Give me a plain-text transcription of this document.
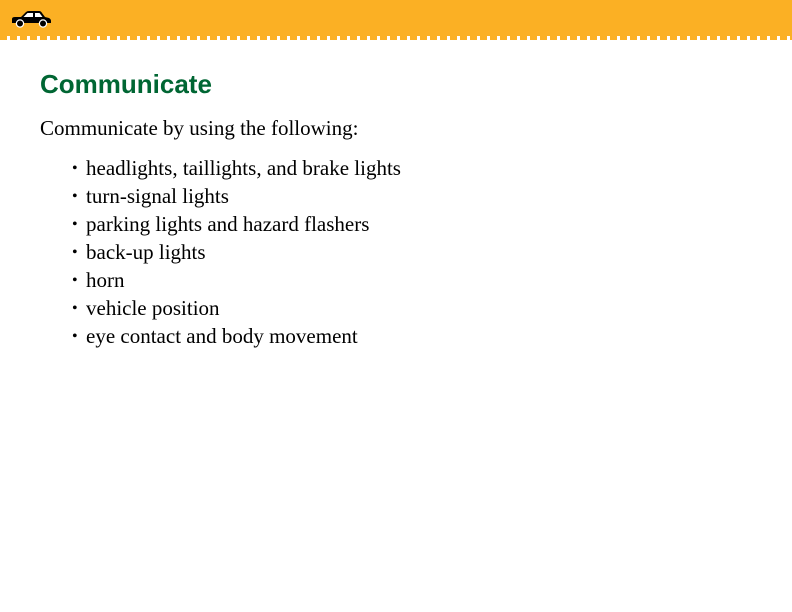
Communicate

Communicate by using the following:

• headlights, taillights, and brake lights
• turn-signal lights
• parking lights and hazard flashers
• back-up lights
• horn
• vehicle position
• eye contact and body movement
